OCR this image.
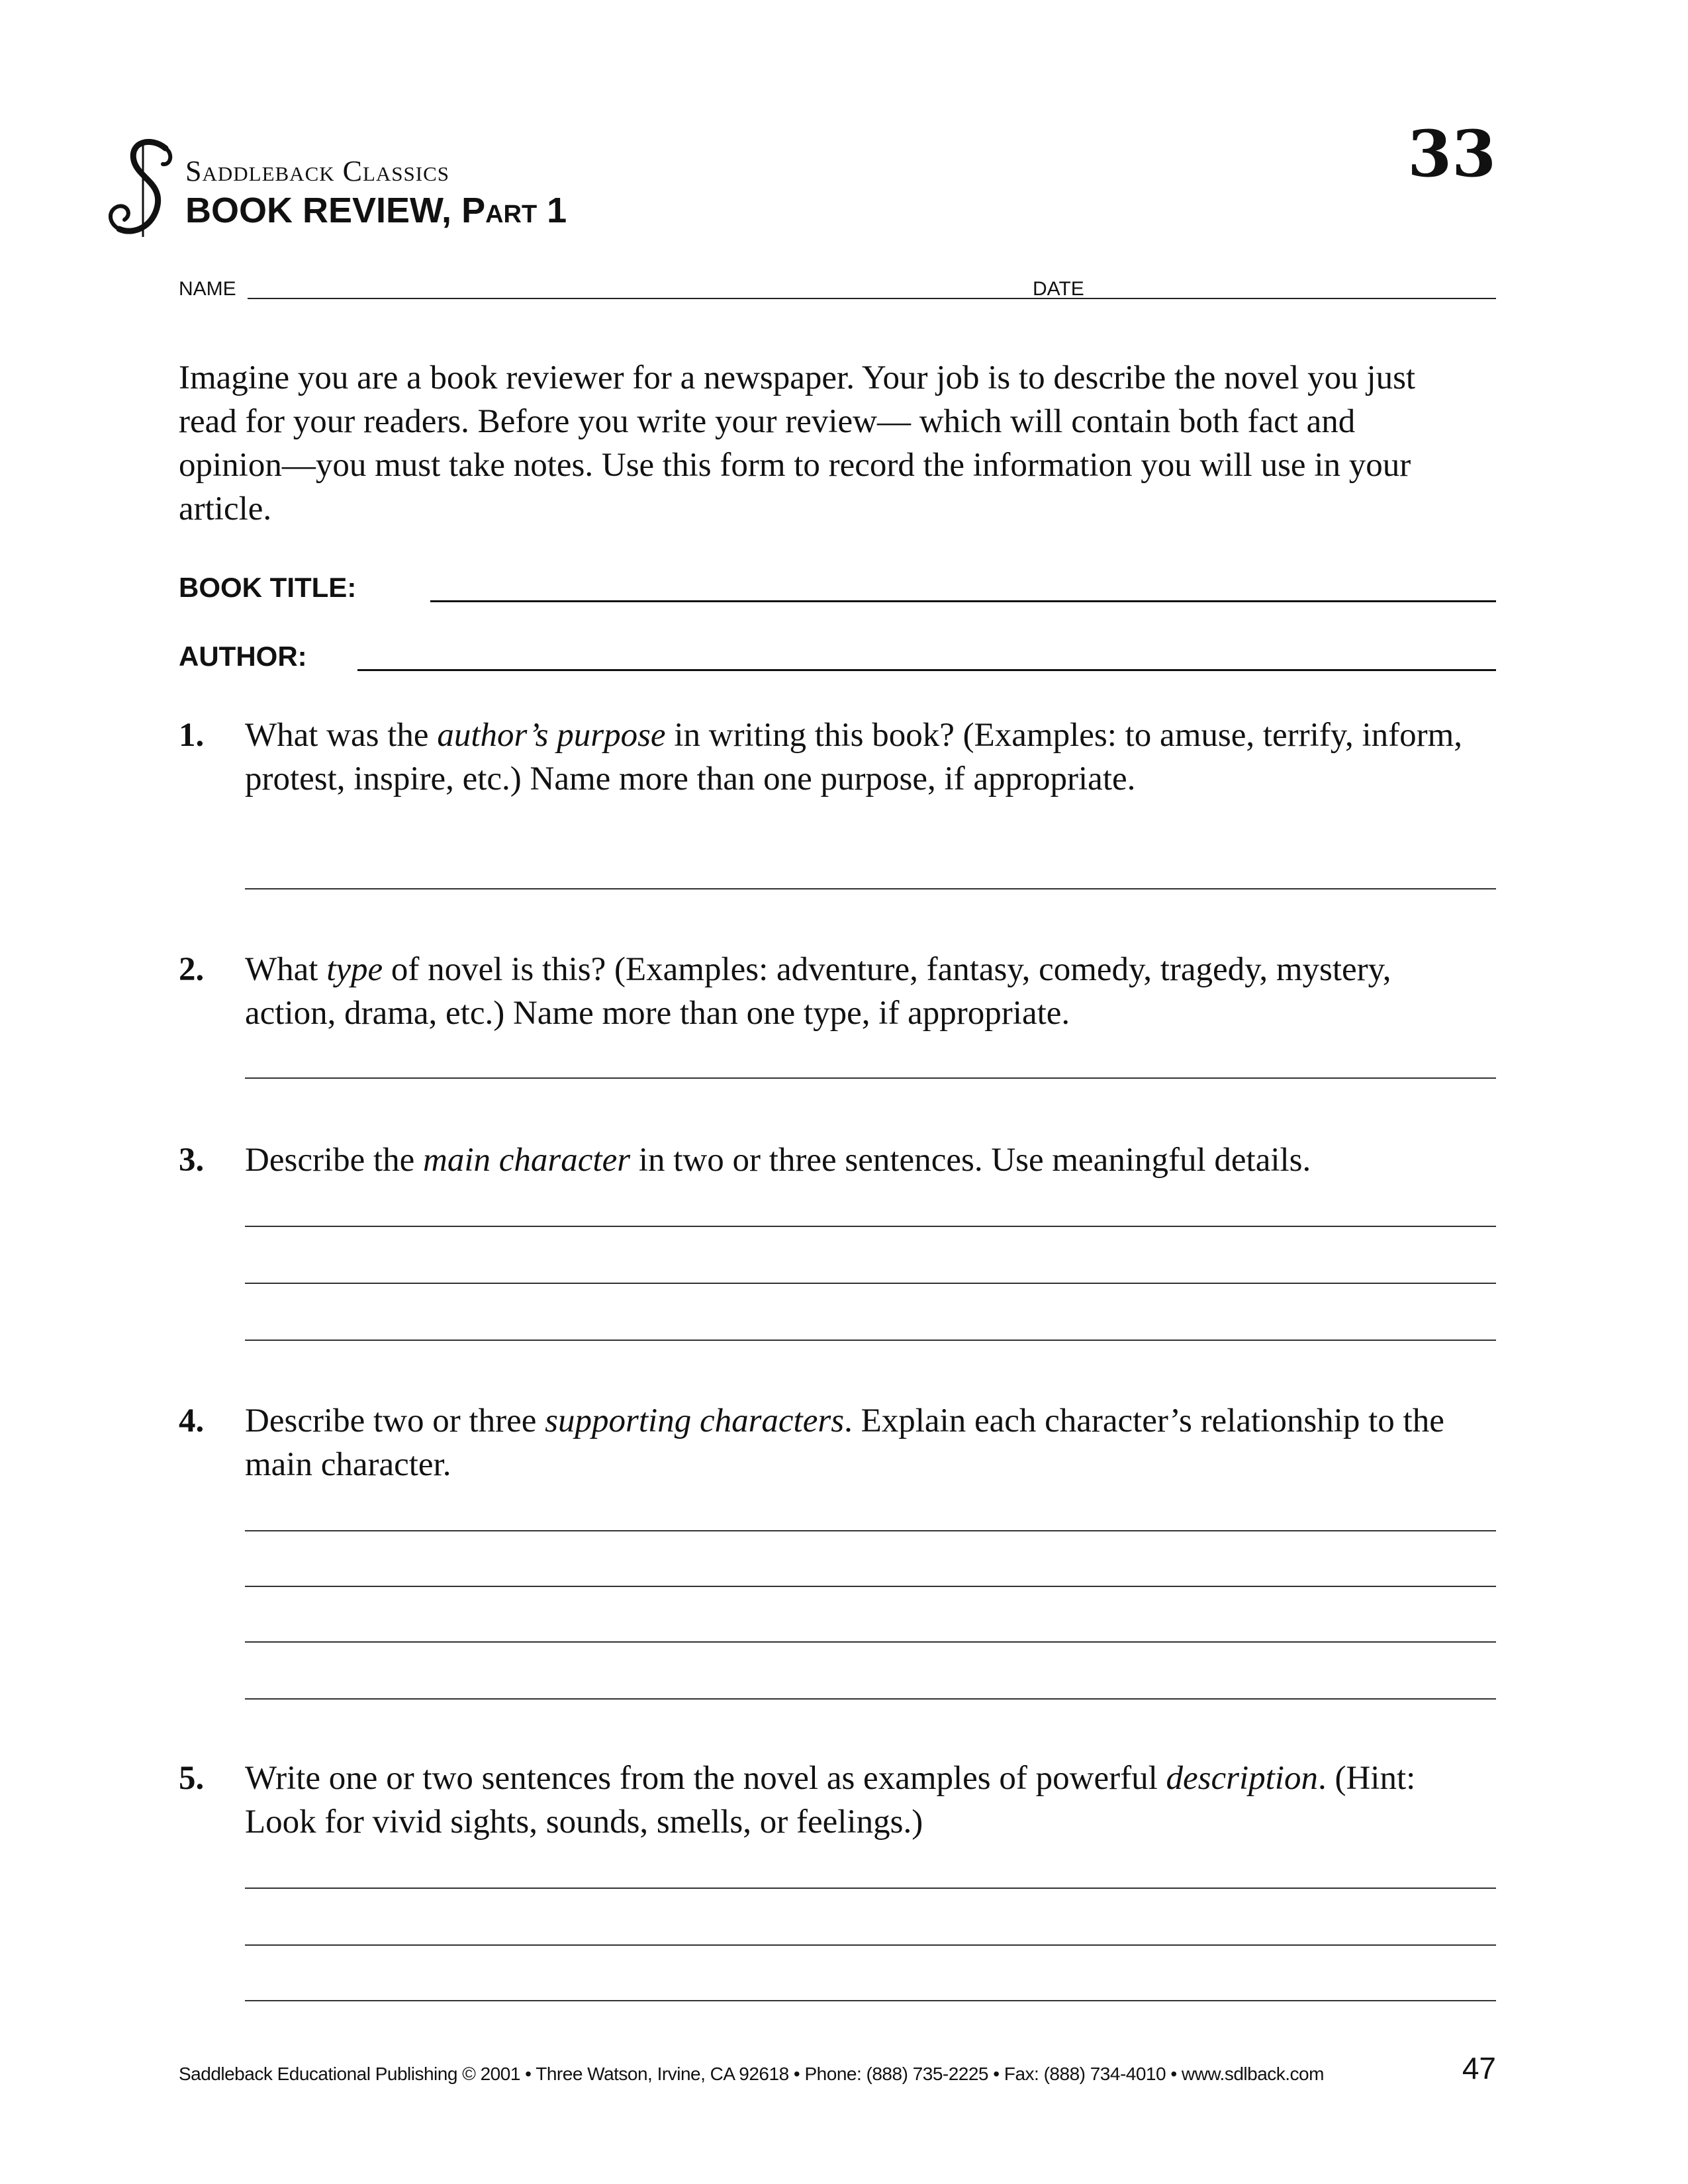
Saddleback Classics
BOOK REVIEW, Part 1
33
NAME	DATE
Imagine you are a book reviewer for a newspaper. Your job is to describe the novel you just read for your readers. Before you write your review— which will contain both fact and opinion—you must take notes. Use this form to record the information you will use in your article.
BOOK TITLE:
AUTHOR:
1. What was the author’s purpose in writing this book? (Examples: to amuse, terrify, inform, protest, inspire, etc.) Name more than one purpose, if appropriate.
2. What type of novel is this? (Examples: adventure, fantasy, comedy, tragedy, mystery, action, drama, etc.) Name more than one type, if appropriate.
3. Describe the main character in two or three sentences. Use meaningful details.
4. Describe two or three supporting characters. Explain each character’s relationship to the main character.
5. Write one or two sentences from the novel as examples of powerful description. (Hint: Look for vivid sights, sounds, smells, or feelings.)
Saddleback Educational Publishing © 2001 • Three Watson, Irvine, CA 92618 • Phone: (888) 735-2225 • Fax: (888) 734-4010 • www.sdlback.com	47
